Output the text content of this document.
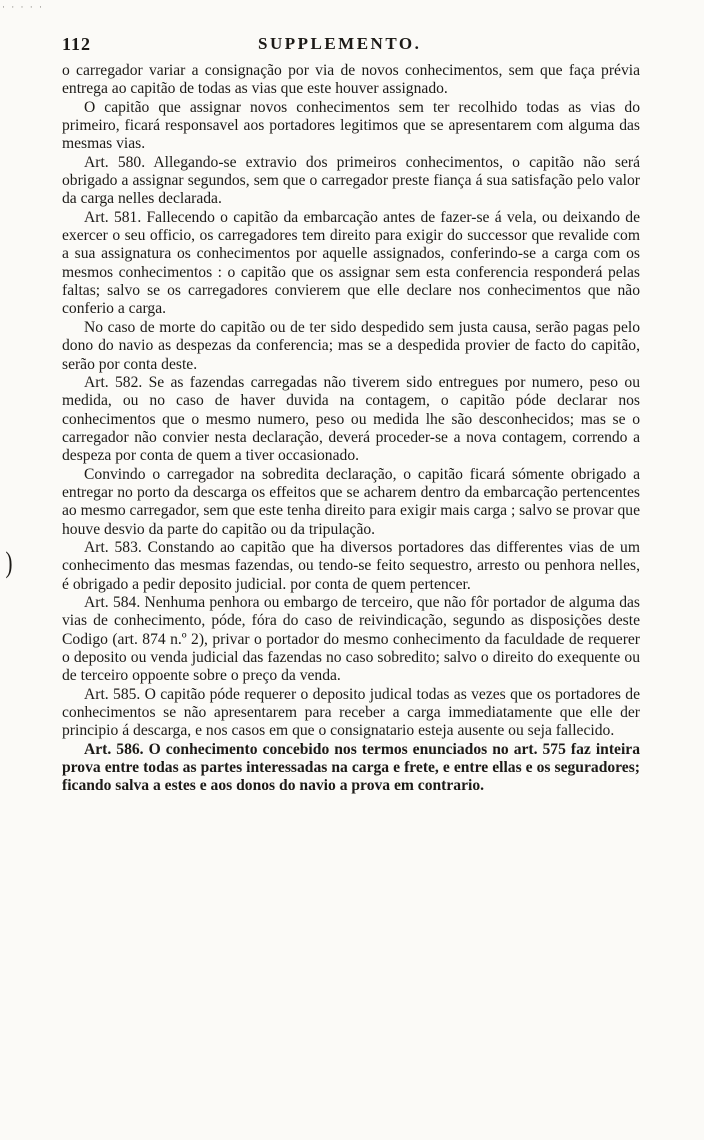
· · · · ·
)
112	SUPPLEMENTO.

o carregador variar a consignação por via de novos conhecimentos, sem que faça prévia entrega ao capitão de todas as vias que este houver assignado.

O capitão que assignar novos conhecimentos sem ter recolhido todas as vias do primeiro, ficará responsavel aos portadores legitimos que se apresentarem com alguma das mesmas vias.

Art. 580. Allegando-se extravio dos primeiros conhecimentos, o capitão não será obrigado a assignar segundos, sem que o carregador preste fiança á sua satisfação pelo valor da carga nelles declarada.

Art. 581. Fallecendo o capitão da embarcação antes de fazer-se á vela, ou deixando de exercer o seu officio, os carregadores tem direito para exigir do successor que revalide com a sua assignatura os conhecimentos por aquelle assignados, conferindo-se a carga com os mesmos conhecimentos : o capitão que os assignar sem esta conferencia responderá pelas faltas; salvo se os carregadores convierem que elle declare nos conhecimentos que não conferio a carga.

No caso de morte do capitão ou de ter sido despedido sem justa causa, serão pagas pelo dono do navio as despezas da conferencia; mas se a despedida provier de facto do capitão, serão por conta deste.

Art. 582. Se as fazendas carregadas não tiverem sido entregues por numero, peso ou medida, ou no caso de haver duvida na contagem, o capitão póde declarar nos conhecimentos que o mesmo numero, peso ou medida lhe são desconhecidos; mas se o carregador não convier nesta declaração, deverá proceder-se a nova contagem, correndo a despeza por conta de quem a tiver occasionado.

Convindo o carregador na sobredita declaração, o capitão ficará sómente obrigado a entregar no porto da descarga os effeitos que se acharem dentro da embarcação pertencentes ao mesmo carregador, sem que este tenha direito para exigir mais carga ; salvo se provar que houve desvio da parte do capitão ou da tripulação.

Art. 583. Constando ao capitão que ha diversos portadores das differentes vias de um conhecimento das mesmas fazendas, ou tendo-se feito sequestro, arresto ou penhora nelles, é obrigado a pedir deposito judicial. por conta de quem pertencer.

Art. 584. Nenhuma penhora ou embargo de terceiro, que não fôr portador de alguma das vias de conhecimento, póde, fóra do caso de reivindicação, segundo as disposições deste Codigo (art. 874 n.º 2), privar o portador do mesmo conhecimento da faculdade de requerer o deposito ou venda judicial das fazendas no caso sobredito; salvo o direito do exequente ou de terceiro oppoente sobre o preço da venda.

Art. 585. O capitão póde requerer o deposito judical todas as vezes que os portadores de conhecimentos se não apresentarem para receber a carga immediatamente que elle der principio á descarga, e nos casos em que o consignatario esteja ausente ou seja fallecido.

Art. 586. O conhecimento concebido nos termos enunciados no art. 575 faz inteira prova entre todas as partes interessadas na carga e frete, e entre ellas e os seguradores; ficando salva a estes e aos donos do navio a prova em contrario.
